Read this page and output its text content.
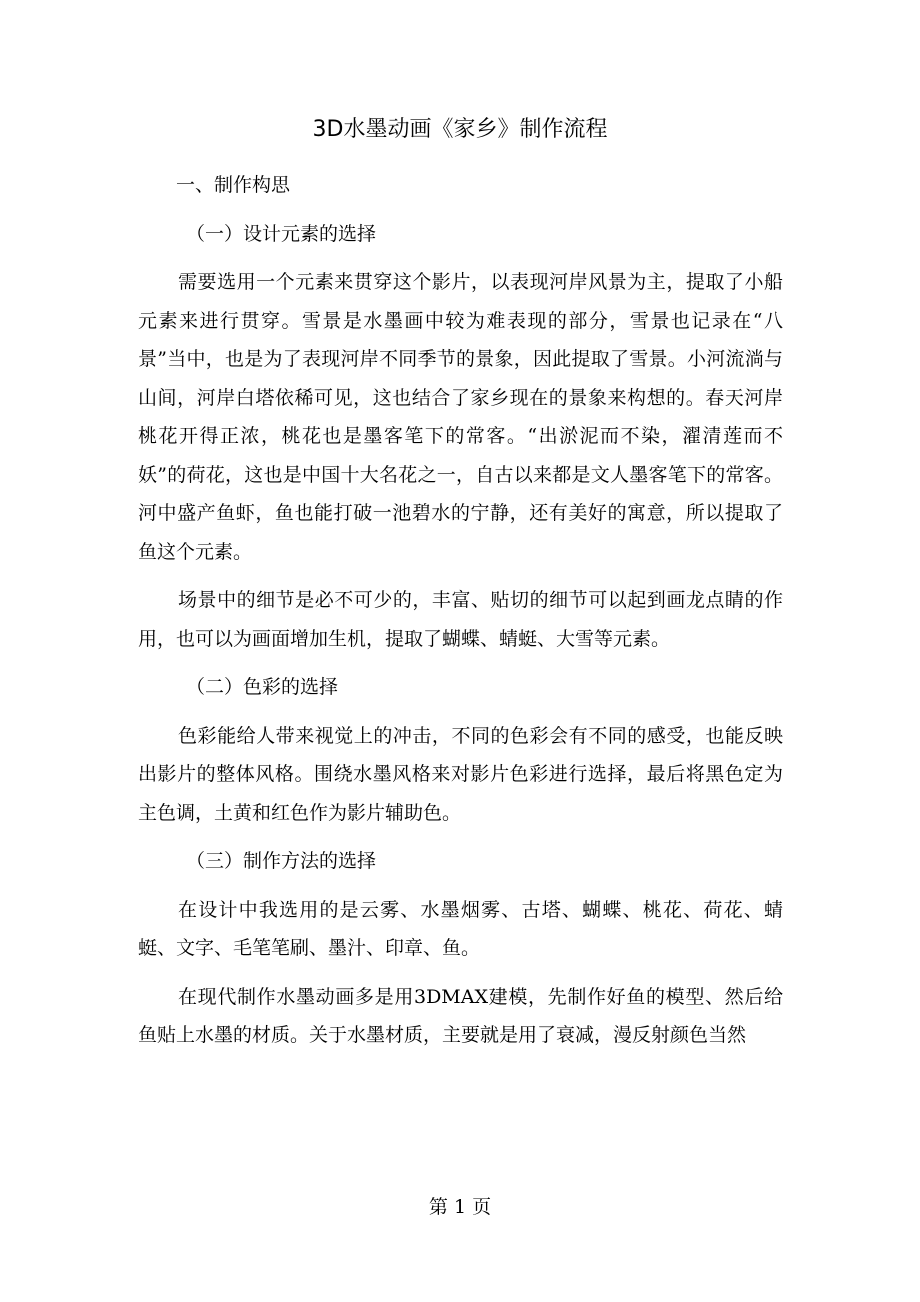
3D水墨动画《家乡》制作流程

一、制作构思

（一）设计元素的选择

需要选用一个元素来贯穿这个影片，以表现河岸风景为主，提取了小船元素来进行贯穿。雪景是水墨画中较为难表现的部分，雪景也记录在“八景”当中，也是为了表现河岸不同季节的景象，因此提取了雪景。小河流淌与山间，河岸白塔依稀可见，这也结合了家乡现在的景象来构想的。春天河岸桃花开得正浓，桃花也是墨客笔下的常客。“出淤泥而不染，濯清莲而不妖”的荷花，这也是中国十大名花之一，自古以来都是文人墨客笔下的常客。河中盛产鱼虾，鱼也能打破一池碧水的宁静，还有美好的寓意，所以提取了鱼这个元素。

场景中的细节是必不可少的，丰富、贴切的细节可以起到画龙点睛的作用，也可以为画面增加生机，提取了蝴蝶、蜻蜓、大雪等元素。

（二）色彩的选择

色彩能给人带来视觉上的冲击，不同的色彩会有不同的感受，也能反映出影片的整体风格。围绕水墨风格来对影片色彩进行选择，最后将黑色定为主色调，土黄和红色作为影片辅助色。

（三）制作方法的选择

在设计中我选用的是云雾、水墨烟雾、古塔、蝴蝶、桃花、荷花、蜻蜓、文字、毛笔笔刷、墨汁、印章、鱼。

在现代制作水墨动画多是用3DMAX建模，先制作好鱼的模型、然后给鱼贴上水墨的材质。关于水墨材质，主要就是用了衰减，漫反射颜色当然

第 1 页
